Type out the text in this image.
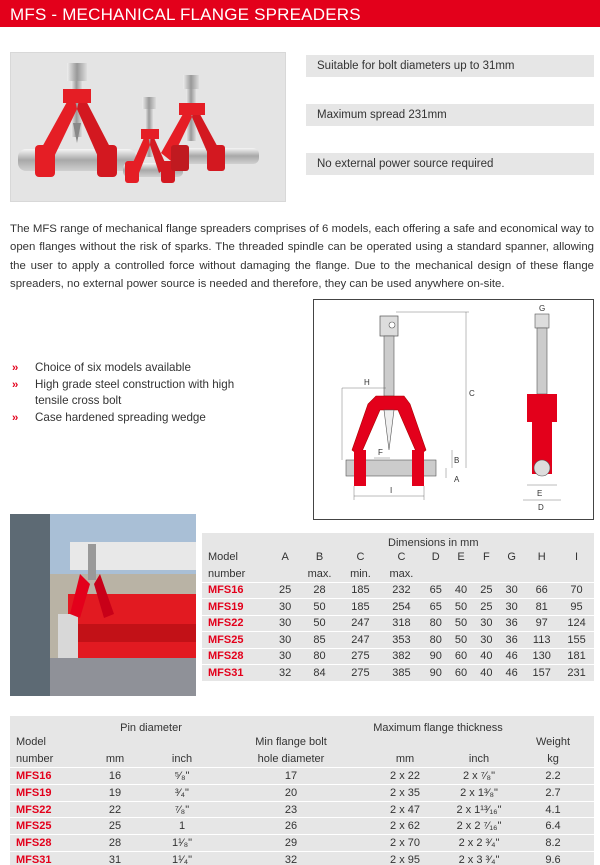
MFS - MECHANICAL FLANGE SPREADERS
Suitable for bolt diameters up to 31mm
Maximum spread 231mm
No external power source required

The MFS range of mechanical flange spreaders comprises of 6 models, each offering a safe and economical way to open flanges without the risk of sparks. The threaded spindle can be operated using a standard spanner, allowing the user to apply a controlled force without damaging the flange. Due to the mechanical design of these flange spreaders, no external power source is needed and therefore, they can be used anywhere on-site.

›› Choice of six models available
›› High grade steel construction with high tensile cross bolt
›› Case hardened spreading wedge
C
H
F
B
A
I
G
E
D
	Dimensions in mm									
Model	A	B	C	C	D	E	F	G	H	I
number		max.	min.	max.						
MFS16	25	28	185	232	65	40	25	30	66	70
MFS19	30	50	185	254	65	50	25	30	81	95
MFS22	30	50	247	318	80	50	30	36	97	124
MFS25	30	85	247	353	80	50	30	36	113	155
MFS28	30	80	275	382	90	60	40	46	130	181
MFS31	32	84	275	385	90	60	40	46	157	231
	Pin diameter			Maximum flange thickness		
Model			Min flange bolt			Weight
number	mm	inch	hole diameter	mm	inch	kg
MFS16	16	⁵⁄₈"	17	2 x 22	2 x ⁷⁄₈"	2.2
MFS19	19	³⁄₄"	20	2 x 35	2 x 1³⁄₈"	2.7
MFS22	22	⁷⁄₈"	23	2 x 47	2 x 1¹³⁄₁₆"	4.1
MFS25	25	1	26	2 x 62	2 x 2 ⁷⁄₁₆"	6.4
MFS28	28	1¹⁄₈"	29	2 x 70	2 x 2 ³⁄₄"	8.2
MFS31	31	1¹⁄₄"	32	2 x 95	2 x 3 ³⁄₄"	9.6
